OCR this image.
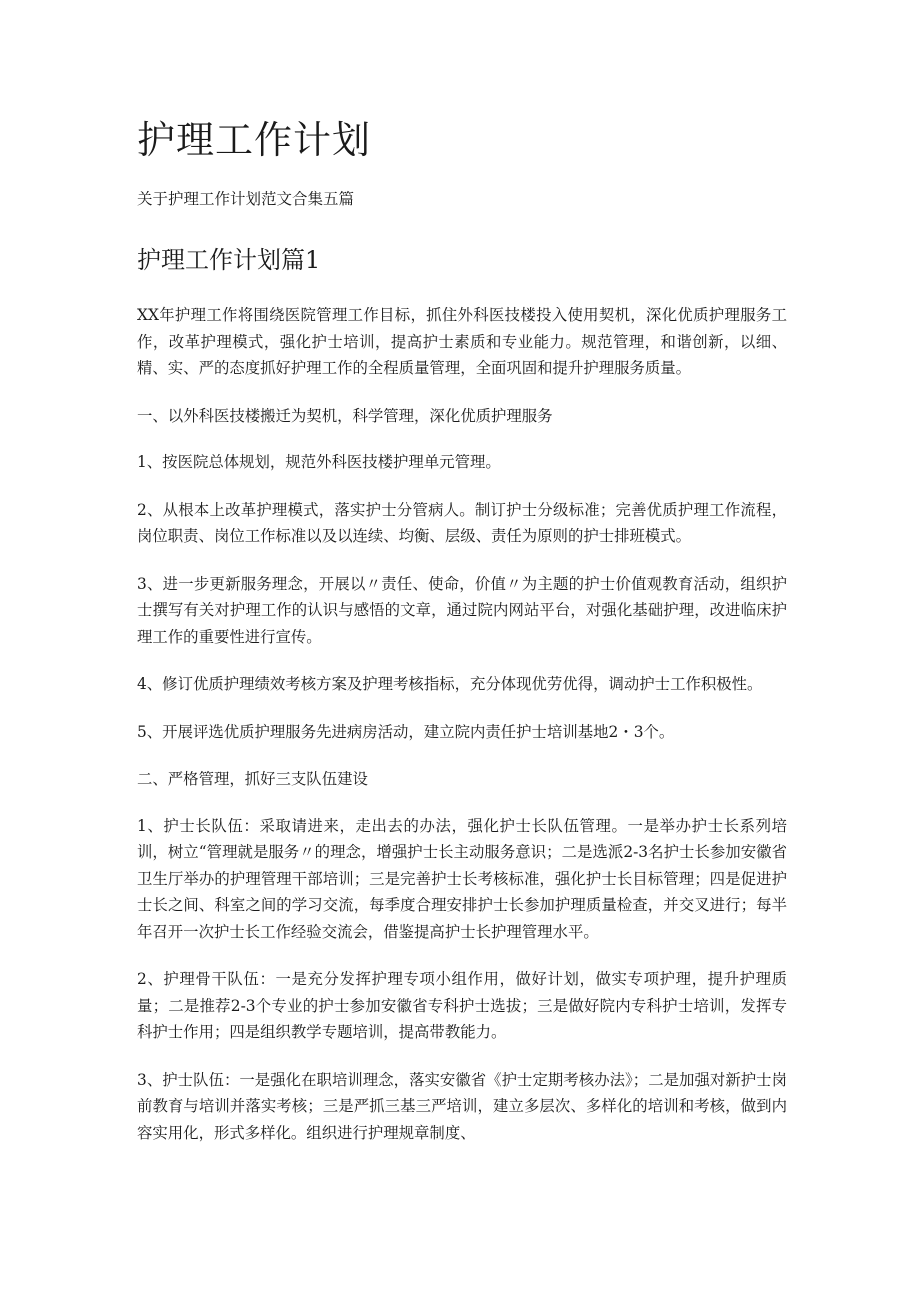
护理工作计划

关于护理工作计划范文合集五篇

护理工作计划篇1

XX年护理工作将围绕医院管理工作目标，抓住外科医技楼投入使用契机，深化优质护理服务工作，改革护理模式，强化护士培训，提高护士素质和专业能力。规范管理，和谐创新，以细、精、实、严的态度抓好护理工作的全程质量管理，全面巩固和提升护理服务质量。

一、以外科医技楼搬迁为契机，科学管理，深化优质护理服务

1、按医院总体规划，规范外科医技楼护理单元管理。

2、从根本上改革护理模式，落实护士分管病人。制订护士分级标准；完善优质护理工作流程，岗位职责、岗位工作标准以及以连续、均衡、层级、责任为原则的护士排班模式。

3、进一步更新服务理念，开展以〃责任、使命，价值〃为主题的护士价值观教育活动，组织护士撰写有关对护理工作的认识与感悟的文章，通过院内网站平台，对强化基础护理，改进临床护理工作的重要性进行宣传。

4、修订优质护理绩效考核方案及护理考核指标，充分体现优劳优得，调动护士工作积极性。

5、开展评选优质护理服务先进病房活动，建立院内责任护士培训基地2・3个。

二、严格管理，抓好三支队伍建设

1、护士长队伍：采取请进来，走出去的办法，强化护士长队伍管理。一是举办护士长系列培训，树立“管理就是服务〃的理念，增强护士长主动服务意识；二是选派2-3名护士长参加安徽省卫生厅举办的护理管理干部培训；三是完善护士长考核标准，强化护士长目标管理；四是促进护士长之间、科室之间的学习交流，每季度合理安排护士长参加护理质量检查，并交叉进行；每半年召开一次护士长工作经验交流会，借鉴提高护士长护理管理水平。

2、护理骨干队伍：一是充分发挥护理专项小组作用，做好计划，做实专项护理，提升护理质量；二是推荐2-3个专业的护士参加安徽省专科护士选拔；三是做好院内专科护士培训，发挥专科护士作用；四是组织教学专题培训，提高带教能力。

3、护士队伍：一是强化在职培训理念，落实安徽省《护士定期考核办法》；二是加强对新护士岗前教育与培训并落实考核；三是严抓三基三严培训，建立多层次、多样化的培训和考核，做到内容实用化，形式多样化。组织进行护理规章制度、
